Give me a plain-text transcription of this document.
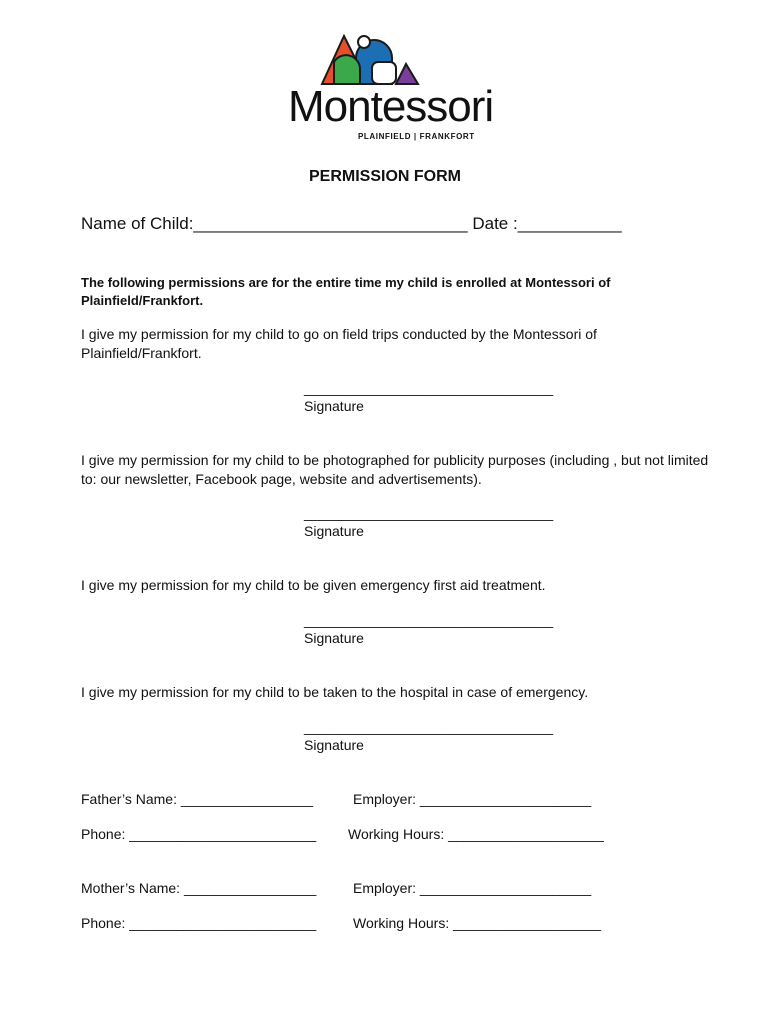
Montessori
PLAINFIELD | FRANKFORT
PERMISSION FORM
Name of Child:_____________________________ Date :___________
The following permissions are for the entire time my child is enrolled at Montessori of Plainfield/Frankfort.
I give my permission for my child to go on field trips conducted by the Montessori of Plainfield/Frankfort.
________________________________
Signature
I give my permission for my child to be photographed for publicity purposes (including , but not limited to: our newsletter, Facebook page, website and advertisements).
________________________________
Signature
I give my permission for my child to be given emergency first aid treatment.
________________________________
Signature
I give my permission for my child to be taken to the hospital in case of emergency.
________________________________
Signature
Father’s Name: _________________	Employer: ______________________
Phone: ________________________ Working Hours: ____________________
Mother’s Name: _________________	Employer: ______________________
Phone: ________________________	Working Hours: ___________________
